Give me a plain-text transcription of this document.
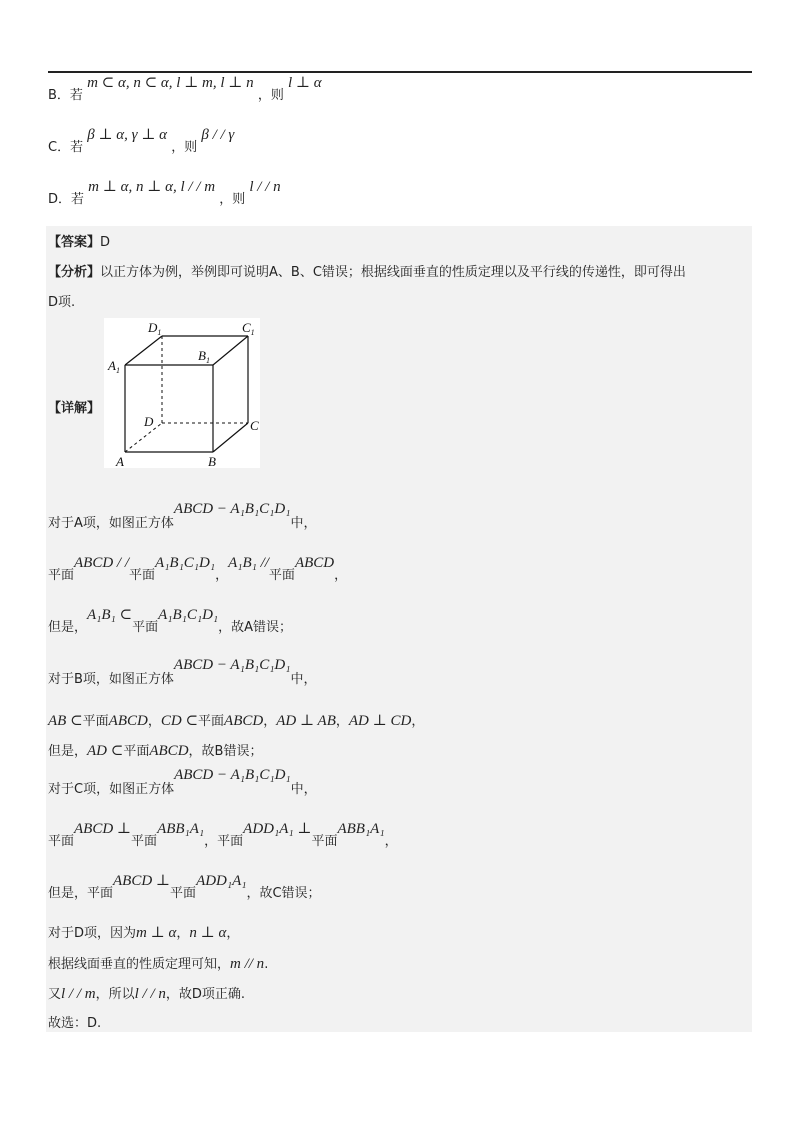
B．若 m ⊂ α, n ⊂ α, l ⊥ m, l ⊥ n ，则 l ⊥ α
C．若 β ⊥ α, γ ⊥ α ，则 β / / γ
D．若 m ⊥ α, n ⊥ α, l / / m ，则 l / / n
【答案】D
【分析】以正方体为例，举例即可说明A、B、C错误；根据线面垂直的性质定理以及平行线的传递性，即可得出
D项.
【详解】
$D_1$	$C_1$
$B_1$
$A_1$
D	C
A	B
对于A项，如图正方体ABCD − A₁B₁C₁D₁中，
平面ABCD / /平面A₁B₁C₁D₁，A₁B₁ //平面ABCD，
但是，A₁B₁ ⊂平面A₁B₁C₁D₁，故A错误；
对于B项，如图正方体ABCD − A₁B₁C₁D₁中，
AB ⊂平面ABCD，CD ⊂平面ABCD，AD ⊥ AB，AD ⊥ CD，
但是，AD ⊂平面ABCD，故B错误；
对于C项，如图正方体ABCD − A₁B₁C₁D₁中，
平面ABCD ⊥平面ABB₁A₁，平面ADD₁A₁ ⊥平面ABB₁A₁，
但是，平面ABCD ⊥平面ADD₁A₁，故C错误；
对于D项，因为m ⊥ α，n ⊥ α，
根据线面垂直的性质定理可知，m // n.
又l / / m，所以l / / n，故D项正确.
故选：D.
